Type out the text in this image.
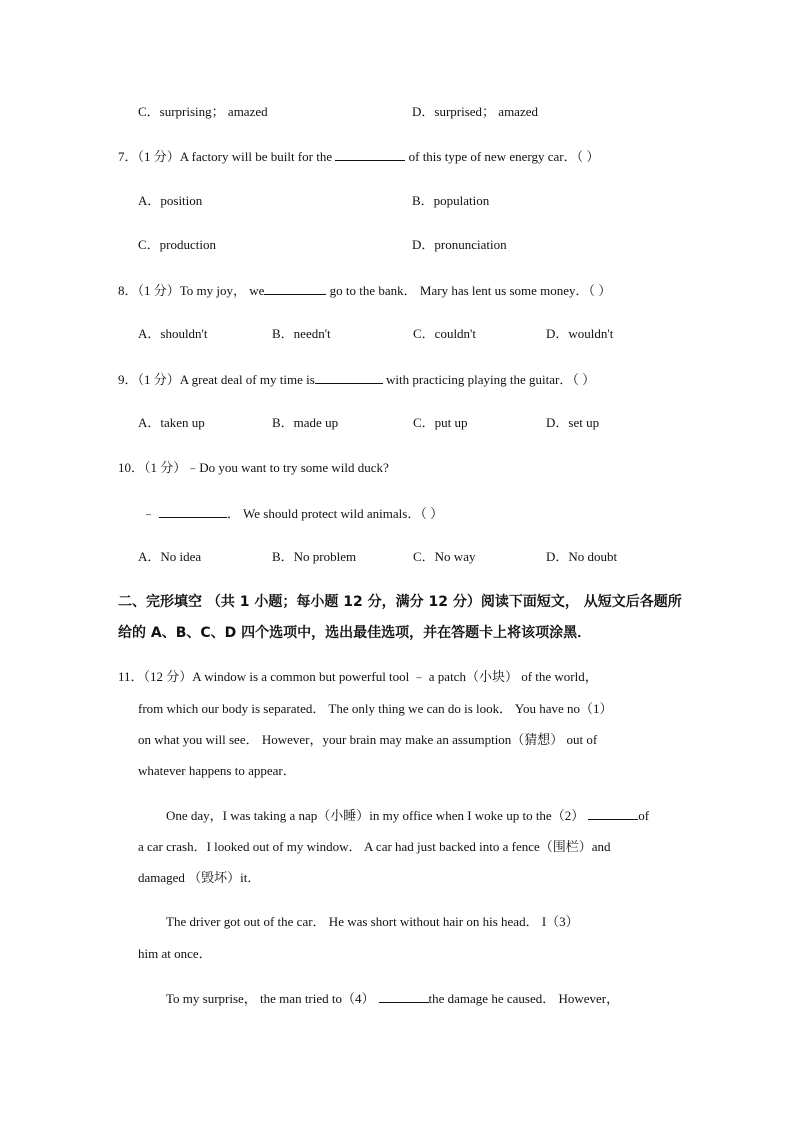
C．surprising； amazed	D．surprised； amazed
7．（1 分）A factory will be built for the	of this type of new energy car．（ ）
A．position	B．population
C．production	D．pronunciation
8．（1 分）To my joy， we	go to the bank． Mary has lent us some money．（ ）
A．shouldn't	B．needn't	C．couldn't	D．wouldn't
9．（1 分）A great deal of my time is	with practicing playing the guitar．（ ）
A．taken up	B．made up	C．put up	D．set up
10．（1 分）﹣Do you want to try some wild duck?
﹣	． We should protect wild animals．（ ）
A．No idea	B．No problem	C．No way	D．No doubt
二、完形填空 （共 1 小题；每小题 12 分，满分 12 分）阅读下面短文， 从短文后各题所
给的 A、B、C、D 四个选项中，选出最佳选项，并在答题卡上将该项涂黑．
11．（12 分）A window is a common but powerful tool ﹣ a patch（小块） of the world，
from which our body is separated． The only thing we can do is look． You have no（1）
on what you will see． However，your brain may make an assumption（猜想） out of
whatever happens to appear．
One day，I was taking a nap（小睡）in my office when I woke up to the（2）	of
a car crash．I looked out of my window． A car had just backed into a fence（围栏）and
damaged （毁坏）it．
The driver got out of the car． He was short without hair on his head． I（3）
him at once．
To my surprise， the man tried to（4）	the damage he caused． However，
